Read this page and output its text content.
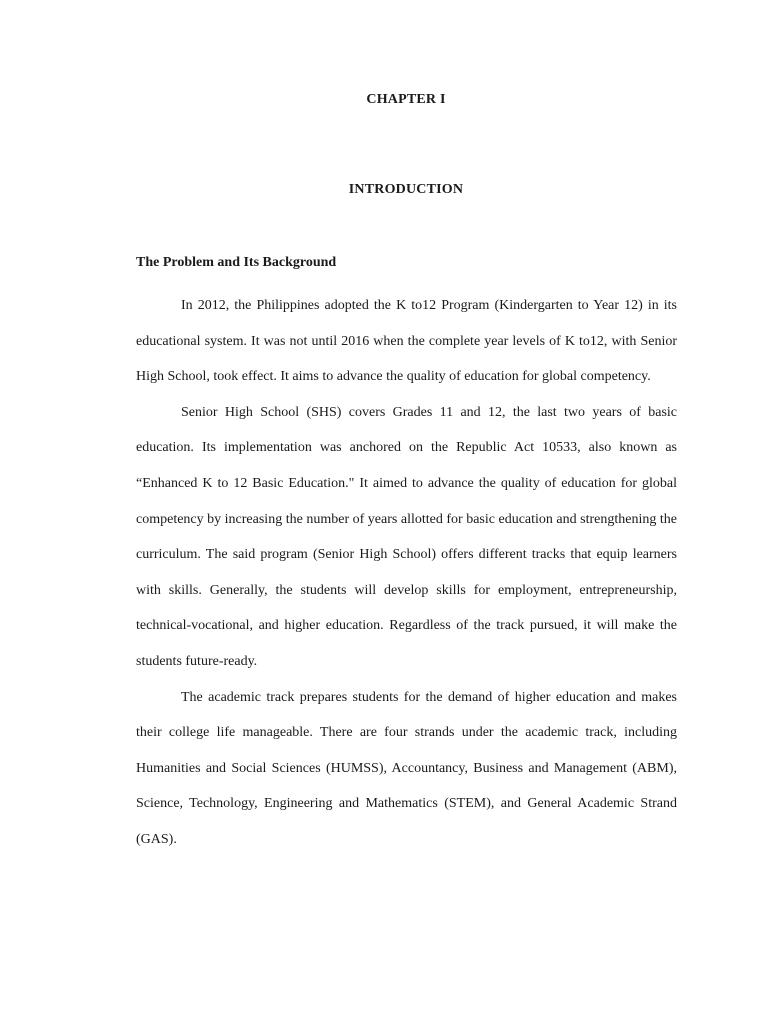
CHAPTER I
INTRODUCTION
The Problem and Its Background

In 2012, the Philippines adopted the K to12 Program (Kindergarten to Year 12) in its educational system. It was not until 2016 when the complete year levels of K to12, with Senior High School, took effect. It aims to advance the quality of education for global competency.

Senior High School (SHS) covers Grades 11 and 12, the last two years of basic education. Its implementation was anchored on the Republic Act 10533, also known as “Enhanced K to 12 Basic Education." It aimed to advance the quality of education for global competency by increasing the number of years allotted for basic education and strengthening the curriculum. The said program (Senior High School) offers different tracks that equip learners with skills. Generally, the students will develop skills for employment, entrepreneurship, technical-vocational, and higher education. Regardless of the track pursued, it will make the students future-ready.

The academic track prepares students for the demand of higher education and makes their college life manageable. There are four strands under the academic track, including Humanities and Social Sciences (HUMSS), Accountancy, Business and Management (ABM), Science, Technology, Engineering and Mathematics (STEM), and General Academic Strand (GAS).
